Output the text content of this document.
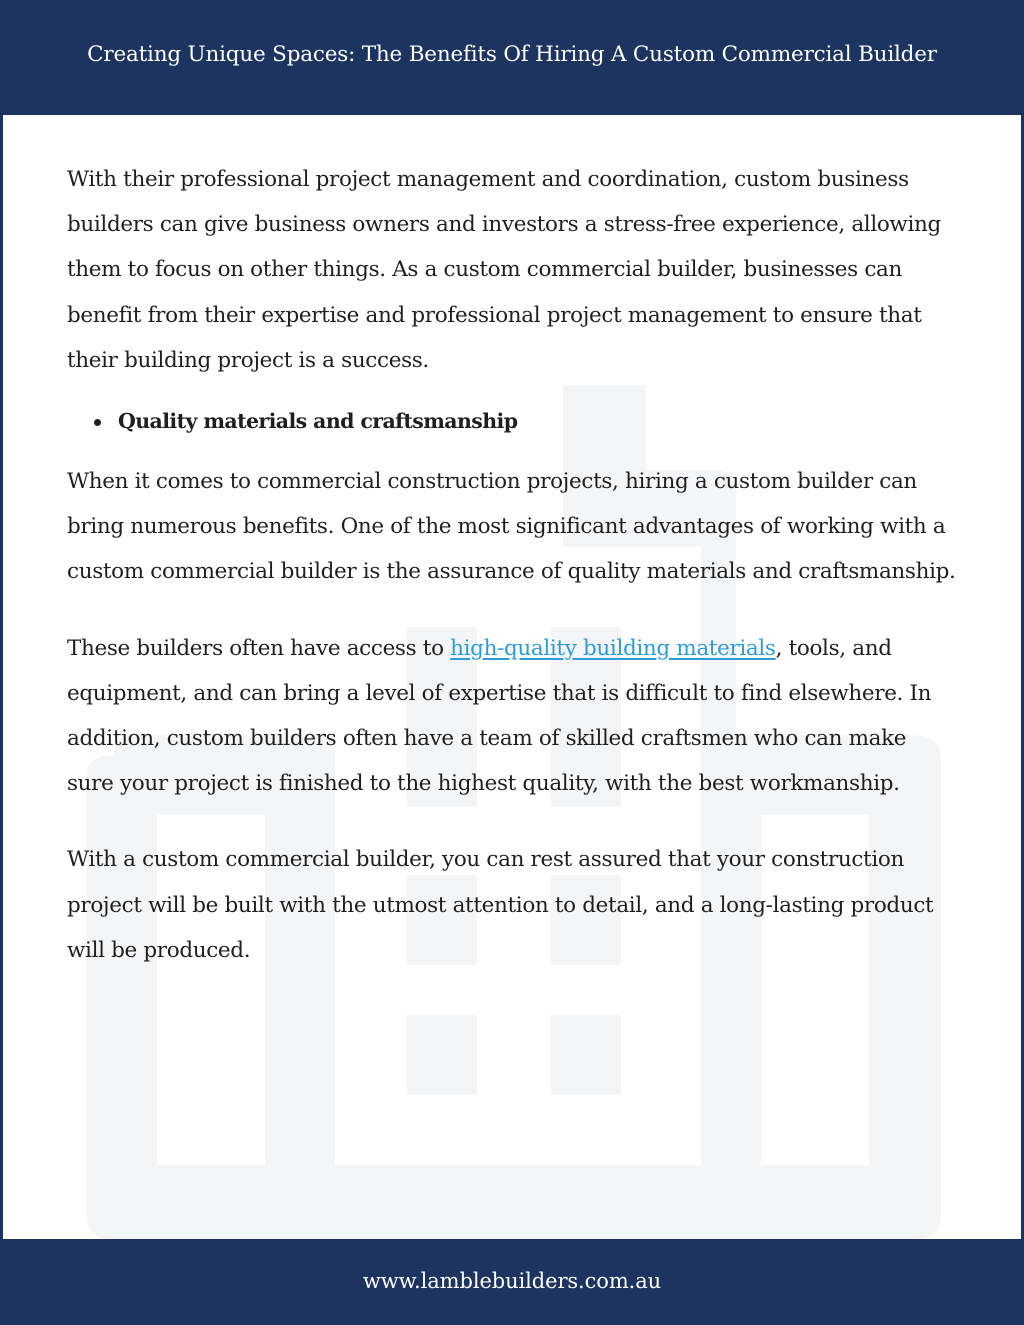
Creating Unique Spaces: The Benefits Of Hiring A Custom Commercial Builder

With their professional project management and coordination, custom business builders can give business owners and investors a stress-free experience, allowing them to focus on other things. As a custom commercial builder, businesses can benefit from their expertise and professional project management to ensure that their building project is a success.

Quality materials and craftsmanship

When it comes to commercial construction projects, hiring a custom builder can bring numerous benefits. One of the most significant advantages of working with a custom commercial builder is the assurance of quality materials and craftsmanship.

These builders often have access to high-quality building materials, tools, and equipment, and can bring a level of expertise that is difficult to find elsewhere. In addition, custom builders often have a team of skilled craftsmen who can make sure your project is finished to the highest quality, with the best workmanship.

With a custom commercial builder, you can rest assured that your construction project will be built with the utmost attention to detail, and a long-lasting product will be produced.

www.lamblebuilders.com.au
